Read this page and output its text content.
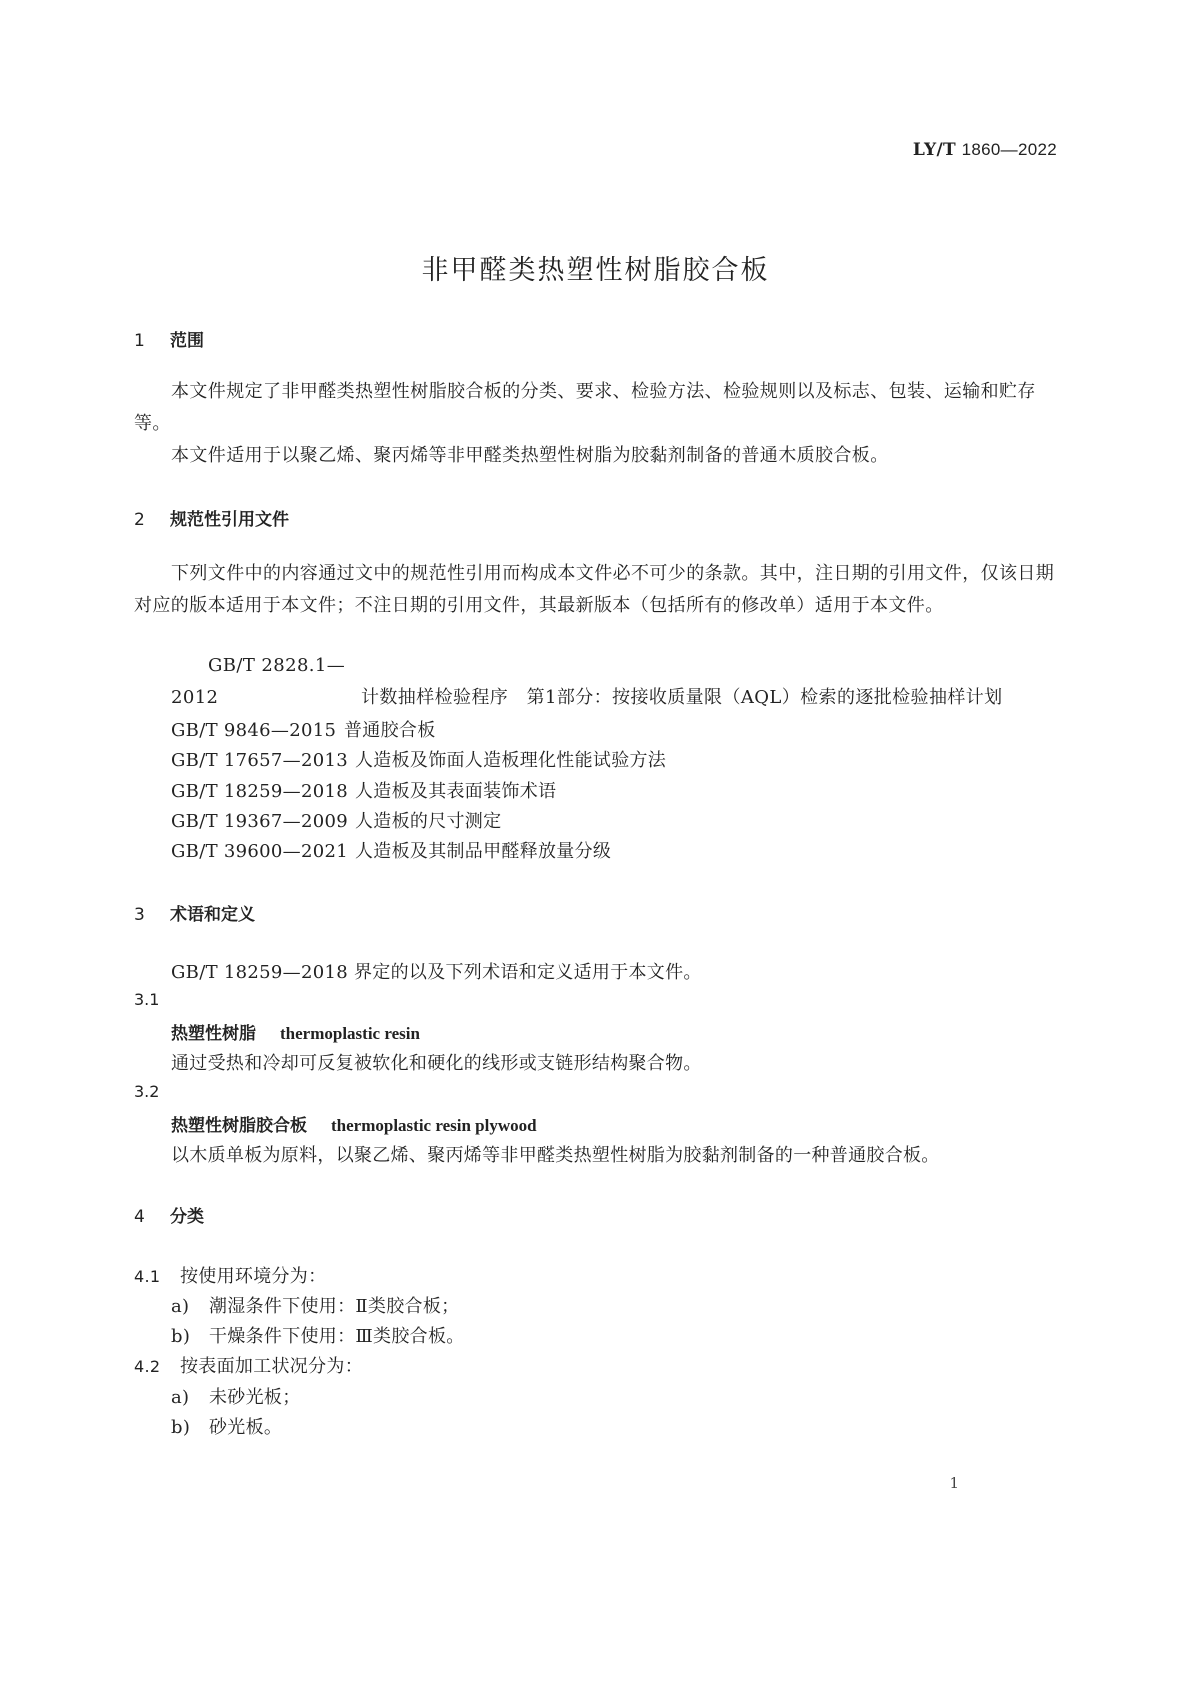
LY/T 1860—2022
非甲醛类热塑性树脂胶合板
1 范围
本文件规定了非甲醛类热塑性树脂胶合板的分类、要求、检验方法、检验规则以及标志、包装、运输和贮存等。
本文件适用于以聚乙烯、聚丙烯等非甲醛类热塑性树脂为胶黏剂制备的普通木质胶合板。
2 规范性引用文件
下列文件中的内容通过文中的规范性引用而构成本文件必不可少的条款。其中，注日期的引用文件，仅该日期对应的版本适用于本文件；不注日期的引用文件，其最新版本（包括所有的修改单）适用于本文件。
GB/T 2828.1—2012	计数抽样检验程序　第1部分：按接收质量限（AQL）检索的逐批检验抽样计划
GB/T 9846—2015 普通胶合板
GB/T 17657—2013 人造板及饰面人造板理化性能试验方法
GB/T 18259—2018 人造板及其表面装饰术语
GB/T 19367—2009 人造板的尺寸测定
GB/T 39600—2021 人造板及其制品甲醛释放量分级
3 术语和定义
GB/T 18259—2018 界定的以及下列术语和定义适用于本文件。
3.1
热塑性树脂 thermoplastic resin
通过受热和冷却可反复被软化和硬化的线形或支链形结构聚合物。
3.2
热塑性树脂胶合板 thermoplastic resin plywood
以木质单板为原料，以聚乙烯、聚丙烯等非甲醛类热塑性树脂为胶黏剂制备的一种普通胶合板。
4 分类
4.1 按使用环境分为：
a) 潮湿条件下使用：Ⅱ类胶合板；
b) 干燥条件下使用：Ⅲ类胶合板。
4.2 按表面加工状况分为：
a) 未砂光板；
b) 砂光板。
1
